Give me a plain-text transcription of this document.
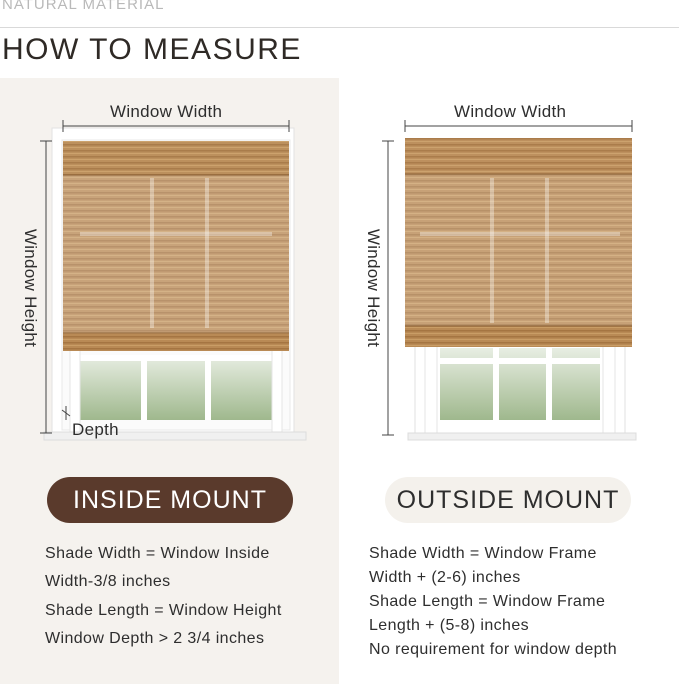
NATURAL MATERIAL
HOW TO MEASURE
Window Width
Window Height
Depth
Window Width
Window Height
INSIDE MOUNT	OUTSIDE MOUNT
Shade Width = Window Inside
Width-3/8 inches
Shade Length = Window Height
Window Depth > 2 3/4 inches
Shade Width = Window Frame
Width + (2-6) inches
Shade Length = Window Frame
Length + (5-8) inches
No requirement for window depth
